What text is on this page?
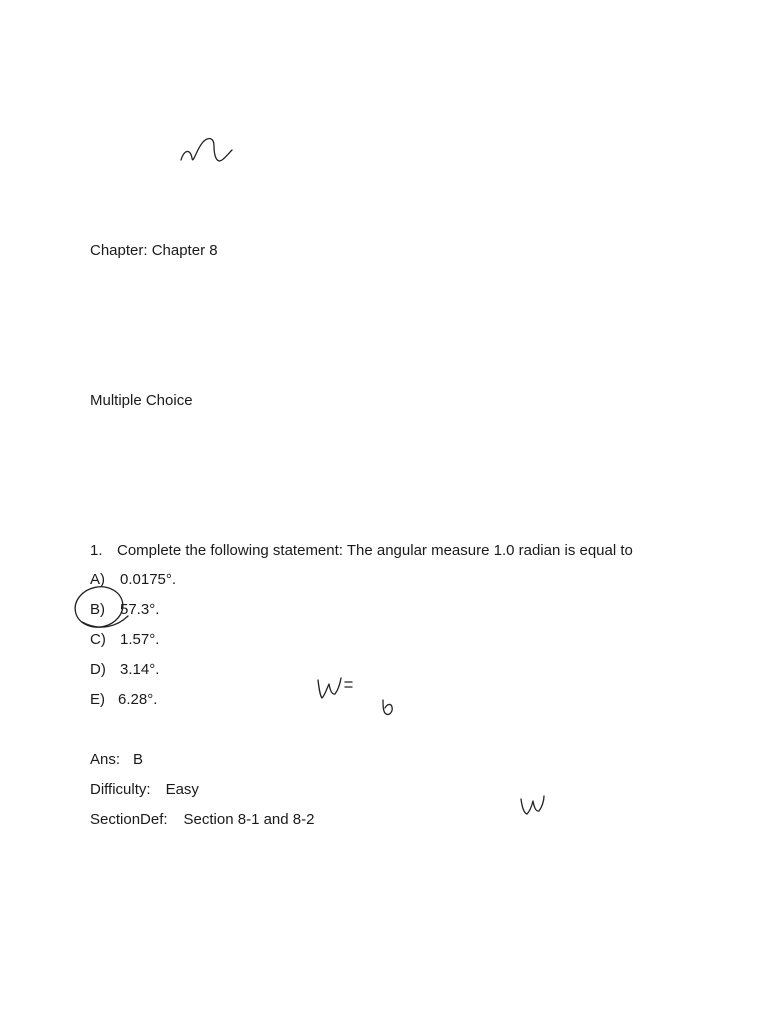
Chapter: Chapter 8
Multiple Choice
1. Complete the following statement: The angular measure 1.0 radian is equal to
A) 0.0175°.
B) 57.3°.
C) 1.57°.
D) 3.14°.
E) 6.28°.
Ans: B
Difficulty: Easy
SectionDef: Section 8-1 and 8-2
